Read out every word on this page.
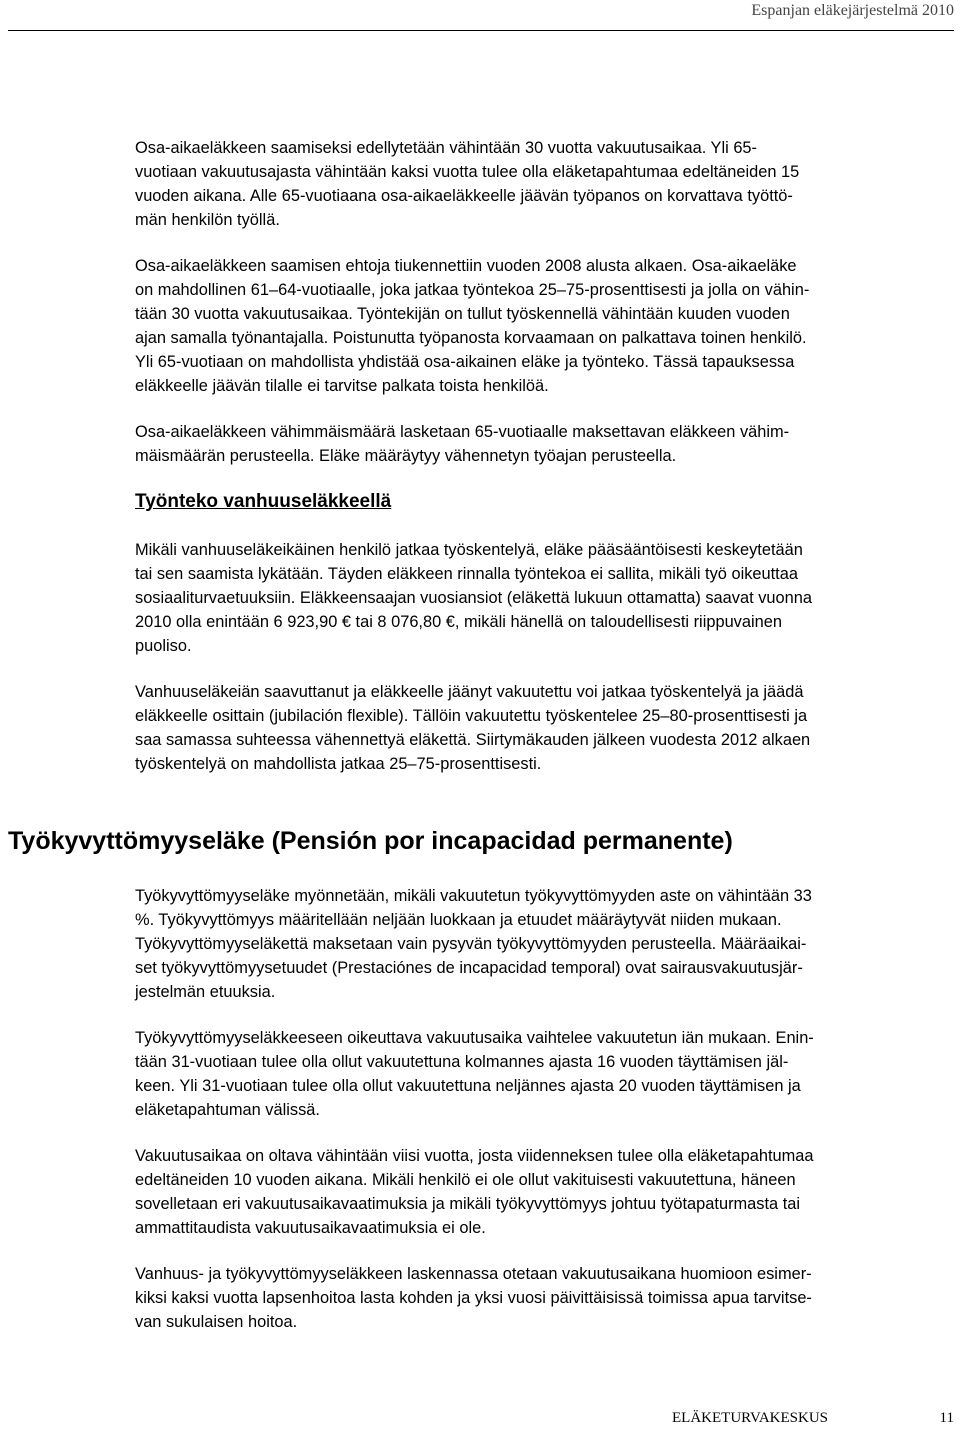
Espanjan eläkejärjestelmä 2010

Osa-aikaeläkkeen saamiseksi edellytetään vähintään 30 vuotta vakuutusaikaa. Yli 65-
vuotiaan vakuutusajasta vähintään kaksi vuotta tulee olla eläketapahtumaa edeltäneiden 15
vuoden aikana. Alle 65-vuotiaana osa-aikaeläkkeelle jäävän työpanos on korvattava työttö-
män henkilön työllä.

Osa-aikaeläkkeen saamisen ehtoja tiukennettiin vuoden 2008 alusta alkaen. Osa-aikaeläke
on mahdollinen 61–64-vuotiaalle, joka jatkaa työntekoa 25–75-prosenttisesti ja jolla on vähin-
tään 30 vuotta vakuutusaikaa. Työntekijän on tullut työskennellä vähintään kuuden vuoden
ajan samalla työnantajalla. Poistunutta työpanosta korvaamaan on palkattava toinen henkilö.
Yli 65-vuotiaan on mahdollista yhdistää osa-aikainen eläke ja työnteko. Tässä tapauksessa
eläkkeelle jäävän tilalle ei tarvitse palkata toista henkilöä.

Osa-aikaeläkkeen vähimmäismäärä lasketaan 65-vuotiaalle maksettavan eläkkeen vähim-
mäismäärän perusteella. Eläke määräytyy vähennetyn työajan perusteella.

Työnteko vanhuuseläkkeellä

Mikäli vanhuuseläkeikäinen henkilö jatkaa työskentelyä, eläke pääsääntöisesti keskeytetään
tai sen saamista lykätään. Täyden eläkkeen rinnalla työntekoa ei sallita, mikäli työ oikeuttaa
sosiaaliturvaetuuksiin. Eläkkeensaajan vuosiansiot (eläkettä lukuun ottamatta) saavat vuonna
2010 olla enintään 6 923,90 € tai 8 076,80 €, mikäli hänellä on taloudellisesti riippuvainen
puoliso.

Vanhuuseläkeiän saavuttanut ja eläkkeelle jäänyt vakuutettu voi jatkaa työskentelyä ja jäädä
eläkkeelle osittain (jubilación flexible). Tällöin vakuutettu työskentelee 25–80-prosenttisesti ja
saa samassa suhteessa vähennettyä eläkettä. Siirtymäkauden jälkeen vuodesta 2012 alkaen
työskentelyä on mahdollista jatkaa 25–75-prosenttisesti.

Työkyvyttömyyseläke (Pensión por incapacidad permanente)

Työkyvyttömyyseläke myönnetään, mikäli vakuutetun työkyvyttömyyden aste on vähintään 33
%. Työkyvyttömyys määritellään neljään luokkaan ja etuudet määräytyvät niiden mukaan.
Työkyvyttömyyseläkettä maksetaan vain pysyvän työkyvyttömyyden perusteella. Määräaikai-
set työkyvyttömyysetuudet (Prestaciónes de incapacidad temporal) ovat sairausvakuutusjär-
jestelmän etuuksia.

Työkyvyttömyyseläkkeeseen oikeuttava vakuutusaika vaihtelee vakuutetun iän mukaan. Enin-
tään 31-vuotiaan tulee olla ollut vakuutettuna kolmannes ajasta 16 vuoden täyttämisen jäl-
keen. Yli 31-vuotiaan tulee olla ollut vakuutettuna neljännes ajasta 20 vuoden täyttämisen ja
eläketapahtuman välissä.

Vakuutusaikaa on oltava vähintään viisi vuotta, josta viidenneksen tulee olla eläketapahtumaa
edeltäneiden 10 vuoden aikana. Mikäli henkilö ei ole ollut vakituisesti vakuutettuna, häneen
sovelletaan eri vakuutusaikavaatimuksia ja mikäli työkyvyttömyys johtuu työtapaturmasta tai
ammattitaudista vakuutusaikavaatimuksia ei ole.

Vanhuus- ja työkyvyttömyyseläkkeen laskennassa otetaan vakuutusaikana huomioon esimer-
kiksi kaksi vuotta lapsenhoitoa lasta kohden ja yksi vuosi päivittäisissä toimissa apua tarvitse-
van sukulaisen hoitoa.

ELÄKETURVAKESKUS	11
